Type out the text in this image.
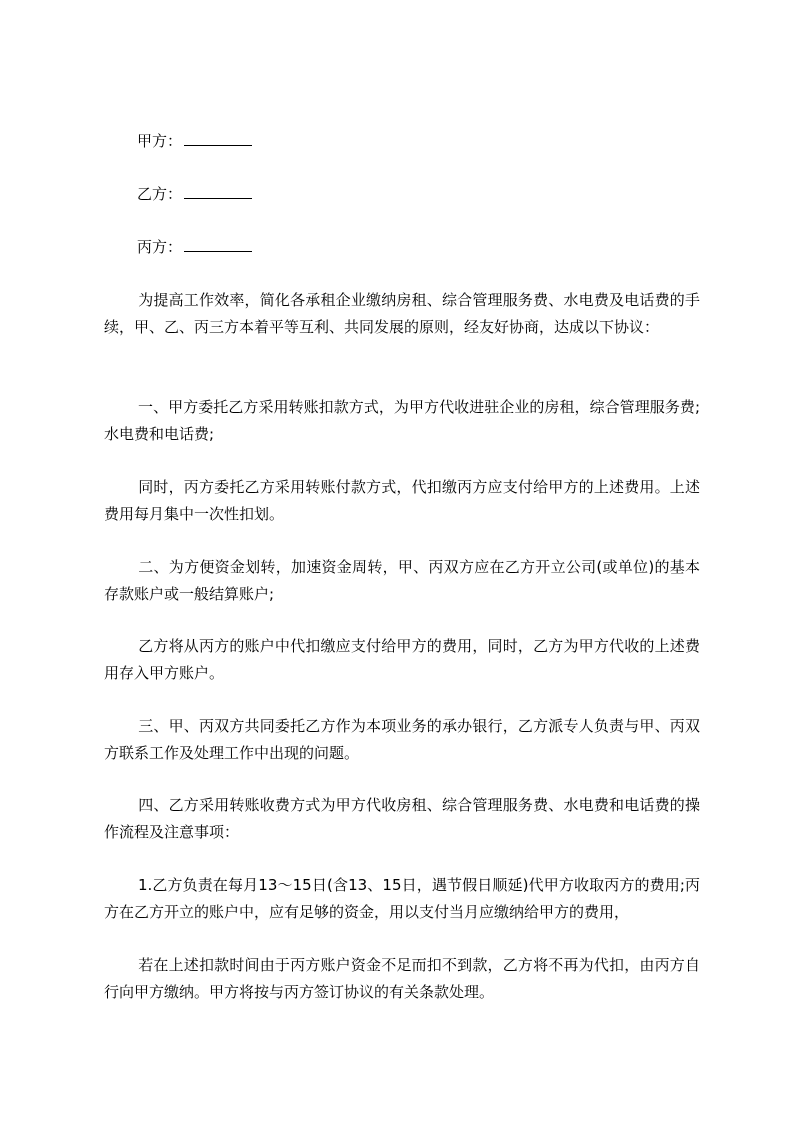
甲方：
乙方：
丙方：

为提高工作效率，简化各承租企业缴纳房租、综合管理服务费、水电费及电话费的手续，甲、乙、丙三方本着平等互利、共同发展的原则，经友好协商，达成以下协议：

一、甲方委托乙方采用转账扣款方式，为甲方代收进驻企业的房租，综合管理服务费;水电费和电话费;

同时，丙方委托乙方采用转账付款方式，代扣缴丙方应支付给甲方的上述费用。上述费用每月集中一次性扣划。

二、为方便资金划转，加速资金周转，甲、丙双方应在乙方开立公司(或单位)的基本存款账户或一般结算账户;

乙方将从丙方的账户中代扣缴应支付给甲方的费用，同时，乙方为甲方代收的上述费用存入甲方账户。

三、甲、丙双方共同委托乙方作为本项业务的承办银行，乙方派专人负责与甲、丙双方联系工作及处理工作中出现的问题。

四、乙方采用转账收费方式为甲方代收房租、综合管理服务费、水电费和电话费的操作流程及注意事项：

1.乙方负责在每月13～15日(含13、15日，遇节假日顺延)代甲方收取丙方的费用;丙方在乙方开立的账户中，应有足够的资金，用以支付当月应缴纳给甲方的费用，

若在上述扣款时间由于丙方账户资金不足而扣不到款，乙方将不再为代扣，由丙方自行向甲方缴纳。甲方将按与丙方签订协议的有关条款处理。
